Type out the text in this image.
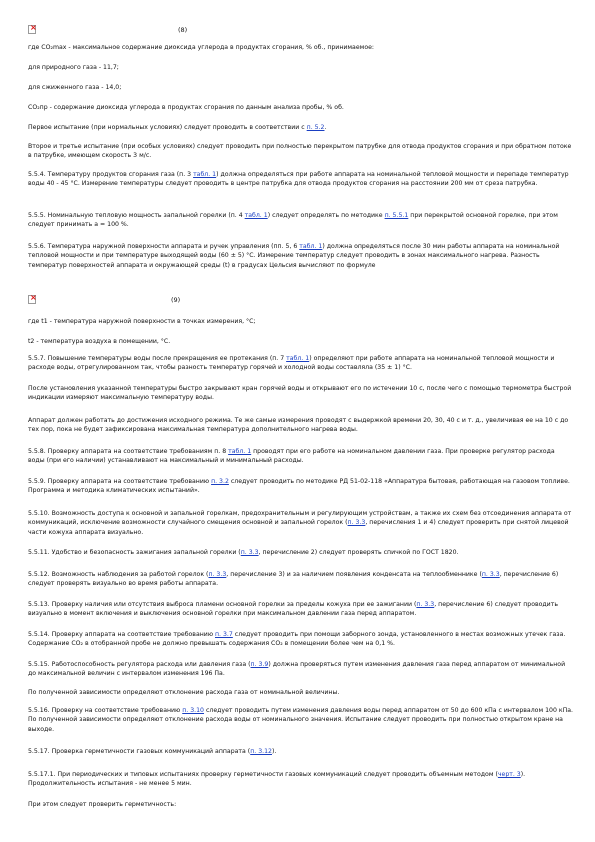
×
(8)
где CO₂max - максимальное содержание диоксида углерода в продуктах сгорания, % об., принимаемое:
для природного газа - 11,7;
для сжиженного газа - 14,0;
CO₂пр - содержание диоксида углерода в продуктах сгорания по данным анализа пробы, % об.
Первое испытание (при нормальных условиях) следует проводить в соответствии с п. 5.2.
Второе и третье испытание (при особых условиях) следует проводить при полностью перекрытом патрубке для отвода продуктов сгорания и при обратном потоке в патрубке, имеющем скорость 3 м/с.
5.5.4. Температуру продуктов сгорания газа (п. 3 табл. 1) должна определяться при работе аппарата на номинальной тепловой мощности и перепаде температур воды 40 - 45 °С. Измерение температуры следует проводить в центре патрубка для отвода продуктов сгорания на расстоянии 200 мм от среза патрубка.
5.5.5. Номинальную тепловую мощность запальной горелки (п. 4 табл. 1) следует определять по методике п. 5.5.1 при перекрытой основной горелке, при этом следует принимать a = 100 %.
5.5.6. Температура наружной поверхности аппарата и ручек управления (пп. 5, 6 табл. 1) должна определяться после 30 мин работы аппарата на номинальной тепловой мощности и при температуре выходящей воды (60 ± 5) °С. Измерение температур следует проводить в зонах максимального нагрева. Разность температур поверхностей аппарата и окружающей среды (t) в градусах Цельсия вычисляют по формуле
×
(9)
где t1 - температура наружной поверхности в точках измерения, °С;
t2 - температура воздуха в помещении, °С.
5.5.7. Повышение температуры воды после прекращения ее протекания (п. 7 табл. 1) определяют при работе аппарата на номинальной тепловой мощности и расходе воды, отрегулированном так, чтобы разность температур горячей и холодной воды составляла (35 ± 1) °С.
После установления указанной температуры быстро закрывают кран горячей воды и открывают его по истечении 10 с, после чего с помощью термометра быстрой индикации измеряют максимальную температуру воды.
Аппарат должен работать до достижения исходного режима. Те же самые измерения проводят с выдержкой времени 20, 30, 40 с и т. д., увеличивая ее на 10 с до тех пор, пока не будет зафиксирована максимальная температура дополнительного нагрева воды.
5.5.8. Проверку аппарата на соответствие требованиям п. 8 табл. 1 проводят при его работе на номинальном давлении газа. При проверке регулятор расхода воды (при его наличии) устанавливают на максимальный и минимальный расходы.
5.5.9. Проверку аппарата на соответствие требованию п. 3.2 следует проводить по методике РД 51-02-118 «Аппаратура бытовая, работающая на газовом топливе. Программа и методика климатических испытаний».
5.5.10. Возможность доступа к основной и запальной горелкам, предохранительным и регулирующим устройствам, а также их схем без отсоединения аппарата от коммуникаций, исключение возможности случайного смещения основной и запальной горелок (п. 3.3, перечисления 1 и 4) следует проверить при снятой лицевой части кожуха аппарата визуально.
5.5.11. Удобство и безопасность зажигания запальной горелки (п. 3.3, перечисление 2) следует проверять спичкой по ГОСТ 1820.
5.5.12. Возможность наблюдения за работой горелок (п. 3.3, перечисление 3) и за наличием появления конденсата на теплообменнике (п. 3.3, перечисление 6) следует проверять визуально во время работы аппарата.
5.5.13. Проверку наличия или отсутствия выброса пламени основной горелки за пределы кожуха при ее зажигании (п. 3.3, перечисление 6) следует проводить визуально в момент включения и выключения основной горелки при максимальном давлении газа перед аппаратом.
5.5.14. Проверку аппарата на соответствие требованию п. 3.7 следует проводить при помощи заборного зонда, установленного в местах возможных утечек газа. Содержание CO₂ в отобранной пробе не должно превышать содержания CO₂ в помещении более чем на 0,1 %.
5.5.15. Работоспособность регулятора расхода или давления газа (п. 3.9) должна проверяться путем изменения давления газа перед аппаратом от минимальной до максимальной величин с интервалом изменения 196 Па.
По полученной зависимости определяют отклонение расхода газа от номинальной величины.
5.5.16. Проверку на соответствие требованию п. 3.10 следует проводить путем изменения давления воды перед аппаратом от 50 до 600 кПа с интервалом 100 кПа. По полученной зависимости определяют отклонение расхода воды от номинального значения. Испытание следует проводить при полностью открытом кране на выходе.
5.5.17. Проверка герметичности газовых коммуникаций аппарата (п. 3.12).
5.5.17.1. При периодических и типовых испытаниях проверку герметичности газовых коммуникаций следует проводить объемным методом (черт. 3). Продолжительность испытания - не менее 5 мин.
При этом следует проверить герметичность:
